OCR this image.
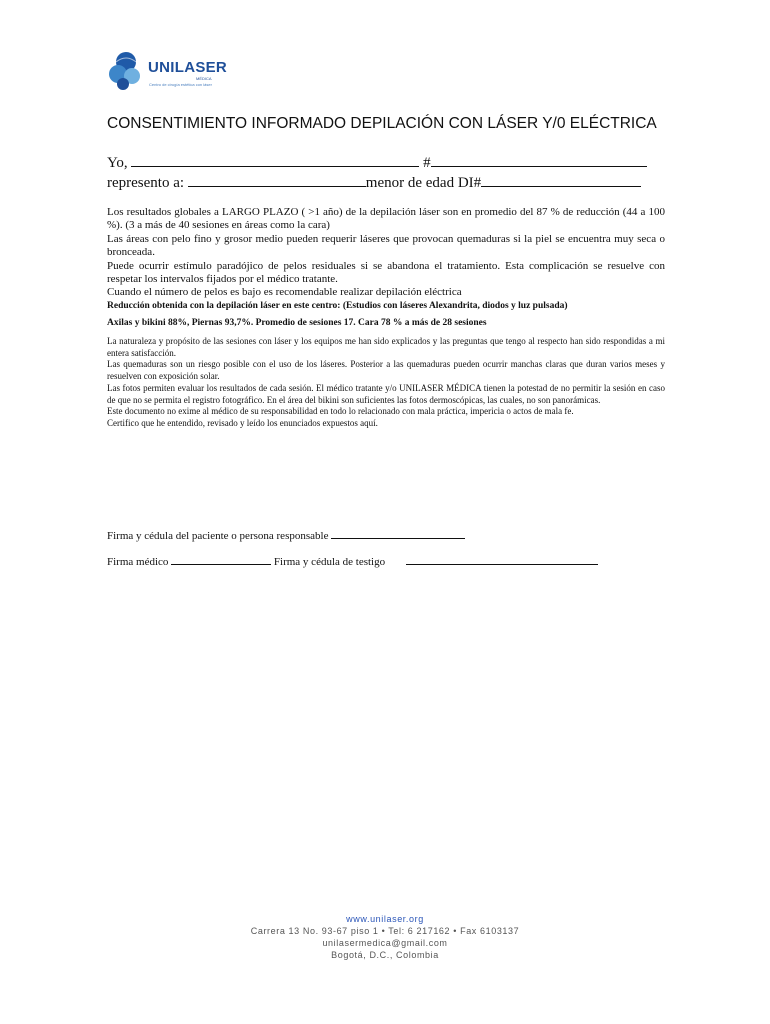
UNILASER
MÉDICA
Centro de cirugía estética con láser
CONSENTIMIENTO INFORMADO DEPILACIÓN CON LÁSER Y/0 ELÉCTRICA
Yo,	#
represento a:	menor de edad DI#

Los resultados globales a LARGO PLAZO ( >1 año) de la depilación láser son en promedio del 87 % de reducción (44 a 100 %). (3 a más de 40 sesiones en áreas como la cara)

Las áreas con pelo fino y grosor medio pueden requerir láseres que provocan quemaduras si la piel se encuentra muy seca o bronceada.

Puede ocurrir estímulo paradójico de pelos residuales si se abandona el tratamiento. Esta complicación se resuelve con respetar los intervalos fijados por el médico tratante.

Cuando el número de pelos es bajo es recomendable realizar depilación eléctrica

Reducción obtenida con la depilación láser en este centro: (Estudios con láseres Alexandrita, diodos y luz pulsada)

Axilas y bikini 88%, Piernas 93,7%. Promedio de sesiones 17. Cara 78 % a más de 28 sesiones

La naturaleza y propósito de las sesiones con láser y los equipos me han sido explicados y las preguntas que tengo al respecto han sido respondidas a mi entera satisfacción.

Las quemaduras son un riesgo posible con el uso de los láseres. Posterior a las quemaduras pueden ocurrir manchas claras que duran varios meses y resuelven con exposición solar.

Las fotos permiten evaluar los resultados de cada sesión. El médico tratante y/o UNILASER MÉDICA tienen la potestad de no permitir la sesión en caso de que no se permita el registro fotográfico. En el área del bikini son suficientes las fotos dermoscópicas, las cuales, no son panorámicas.

Este documento no exime al médico de su responsabilidad en todo lo relacionado con mala práctica, impericia o actos de mala fe.

Certifico que he entendido, revisado y leído los enunciados expuestos aquí.

Firma y cédula del paciente o persona responsable
Firma médico	Firma y cédula de testigo
www.unilaser.org
Carrera 13 No. 93-67 piso 1 • Tel: 6 217162 • Fax 6103137
unilasermedica@gmail.com
Bogotá, D.C., Colombia
